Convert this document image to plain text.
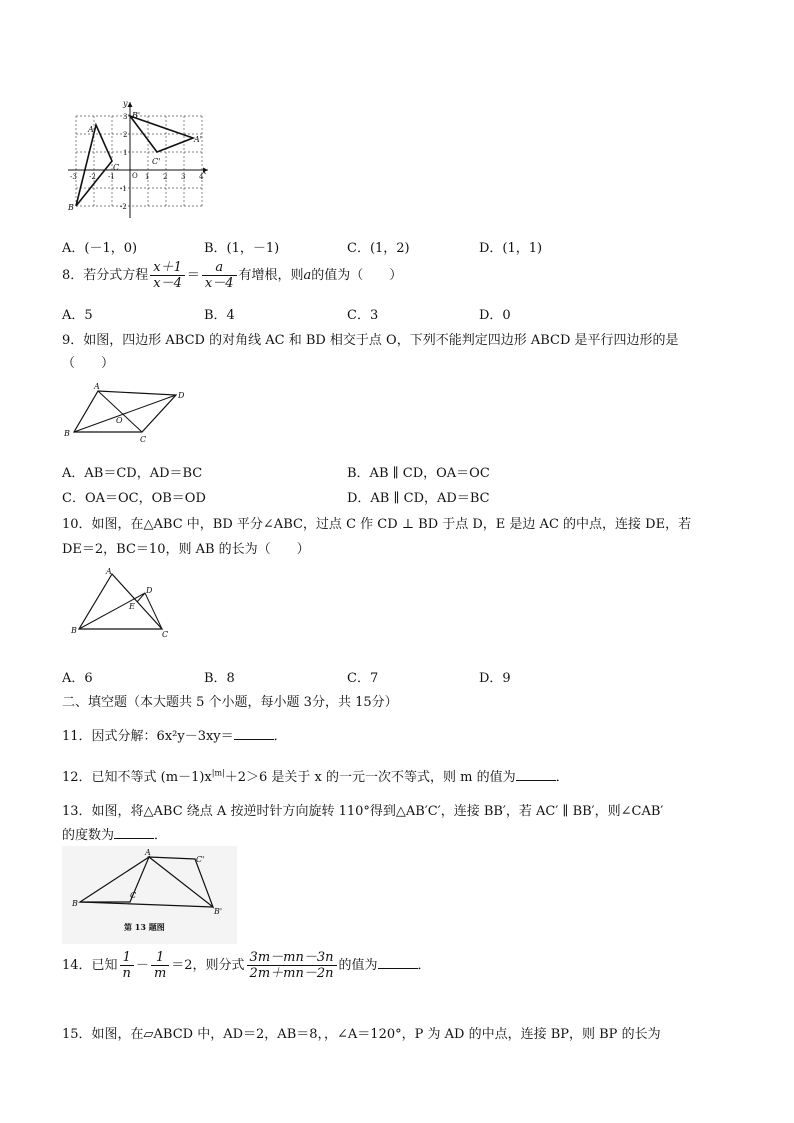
x
y
A
B
C
A'
B'
C'
O
-3 -2 -1	1 2 3 4
3
2
1
-1
-2
A．(－1，0)	B．(1，－1)	C．(1，2)	D．(1，1)
8．若分式方程 $\frac{x+1}{x-4} = \frac{a}{x-4}$ 有增根，则a的值为（　　）
A．5	B．4	C．3	D．0
9．如图，四边形 ABCD 的对角线 AC 和 BD 相交于点 O，下列不能判定四边形 ABCD 是平行四边形的是
（　　）
A
B
C
D
O
A．AB＝CD，AD＝BC	B．AB ∥ CD，OA＝OC
C．OA＝OC，OB＝OD	D．AB ∥ CD，AD＝BC
10．如图，在△ABC 中，BD 平分∠ABC，过点 C 作 CD ⊥ BD 于点 D，E 是边 AC 的中点，连接 DE，若
DE＝2，BC＝10，则 AB 的长为（　　）
A
B	C
D
E
A．6	B．8	C．7	D．9
二、填空题（本大题共 5 个小题，每小题 3分，共 15分）
11．因式分解：6x²y－3xy＝	．
12．已知不等式 $(m-1)x^{|m|}+2>6$ 是关于 x 的一元一次不等式，则 m 的值为	．
13．如图，将△ABC 绕点 A 按逆时针方向旋转 110°得到△AB′C′，连接 BB′，若 AC′ ∥ BB′，则∠CAB′
的度数为	．
A
B
C
B'
C'
第 13 题图
14．已知 $\frac{1}{n} - \frac{1}{m} =2$，则分式 $\frac{3m-mn-3n}{2m+mn-2n}$ 的值为	．
15．如图，在▱ABCD 中，AD＝2，AB＝8，，∠A＝120°，P 为 AD 的中点，连接 BP，则 BP 的长为
